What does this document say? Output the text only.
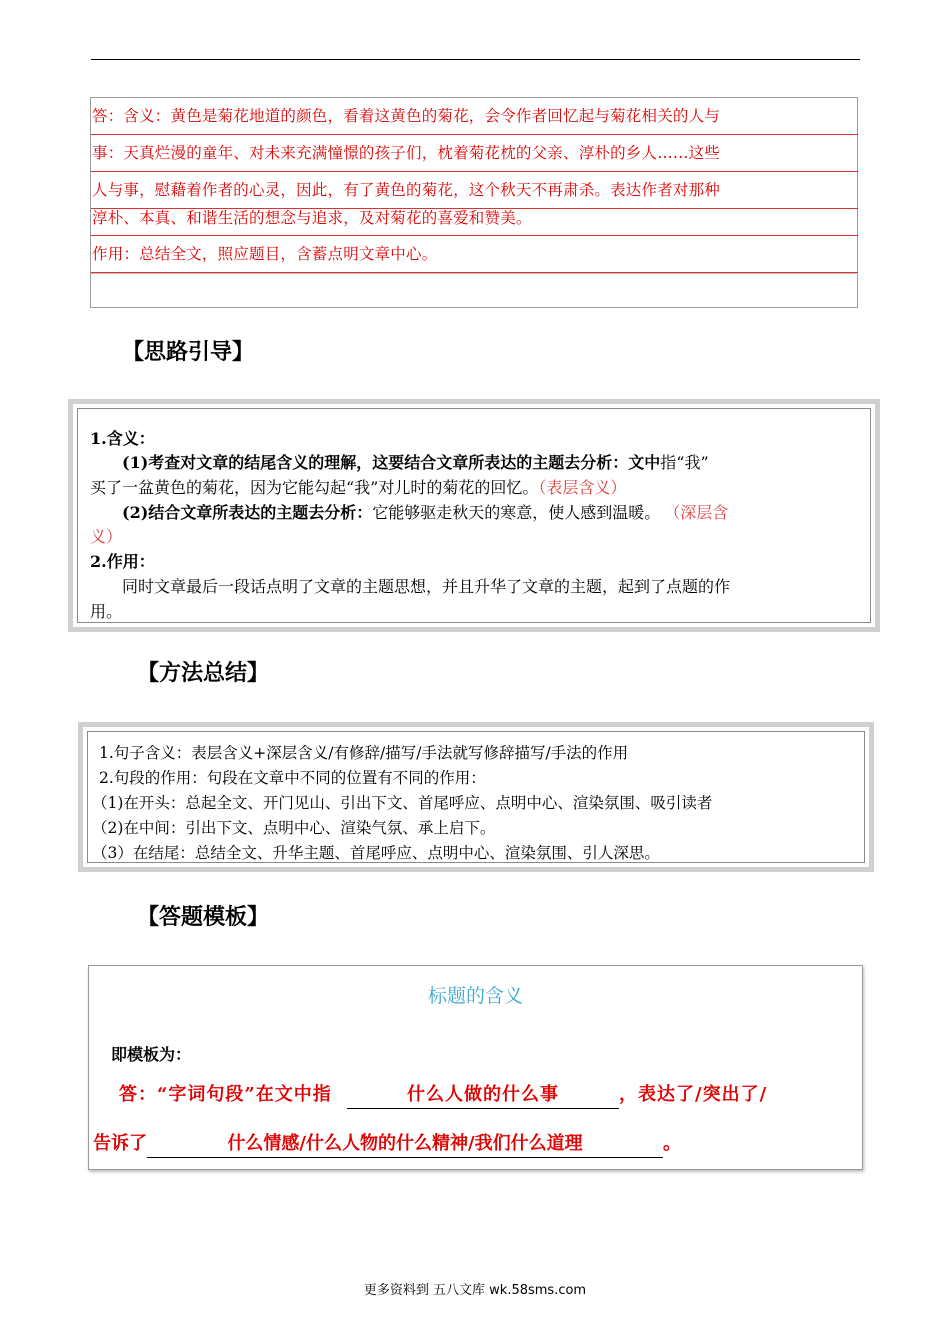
答：含义：黄色是菊花地道的颜色，看着这黄色的菊花，会令作者回忆起与菊花相关的人与
事：天真烂漫的童年、对未来充满憧憬的孩子们，枕着菊花枕的父亲、淳朴的乡人……这些
人与事，慰藉着作者的心灵，因此，有了黄色的菊花，这个秋天不再肃杀。表达作者对那种
淳朴、本真、和谐生活的想念与追求，及对菊花的喜爱和赞美。
作用：总结全文，照应题目，含蓄点明文章中心。
【思路引导】
1.含义：
(1)考查对文章的结尾含义的理解，这要结合文章所表达的主题去分析：文中指“我”
买了一盆黄色的菊花，因为它能勾起“我”对儿时的菊花的回忆。（表层含义）
(2)结合文章所表达的主题去分析：它能够驱走秋天的寒意，使人感到温暖。 （深层含
义）
2.作用：
同时文章最后一段话点明了文章的主题思想，并且升华了文章的主题，起到了点题的作
用。
【方法总结】
1.句子含义：表层含义+深层含义/有修辞/描写/手法就写修辞描写/手法的作用
2.句段的作用：句段在文章中不同的位置有不同的作用：
（1)在开头：总起全文、开门见山、引出下文、首尾呼应、点明中心、渲染氛围、吸引读者
（2)在中间：引出下文、点明中心、渲染气氛、承上启下。
（3）在结尾：总结全文、升华主题、首尾呼应、点明中心、渲染氛围、引人深思。
【答题模板】
标题的含义
即模板为：
答：“字词句段”在文中指	什么人做的什么事	，表达了/突出了/
告诉了	什么情感/什么人物的什么精神/我们什么道理	。
更多资料到 五八文库 wk.58sms.com
